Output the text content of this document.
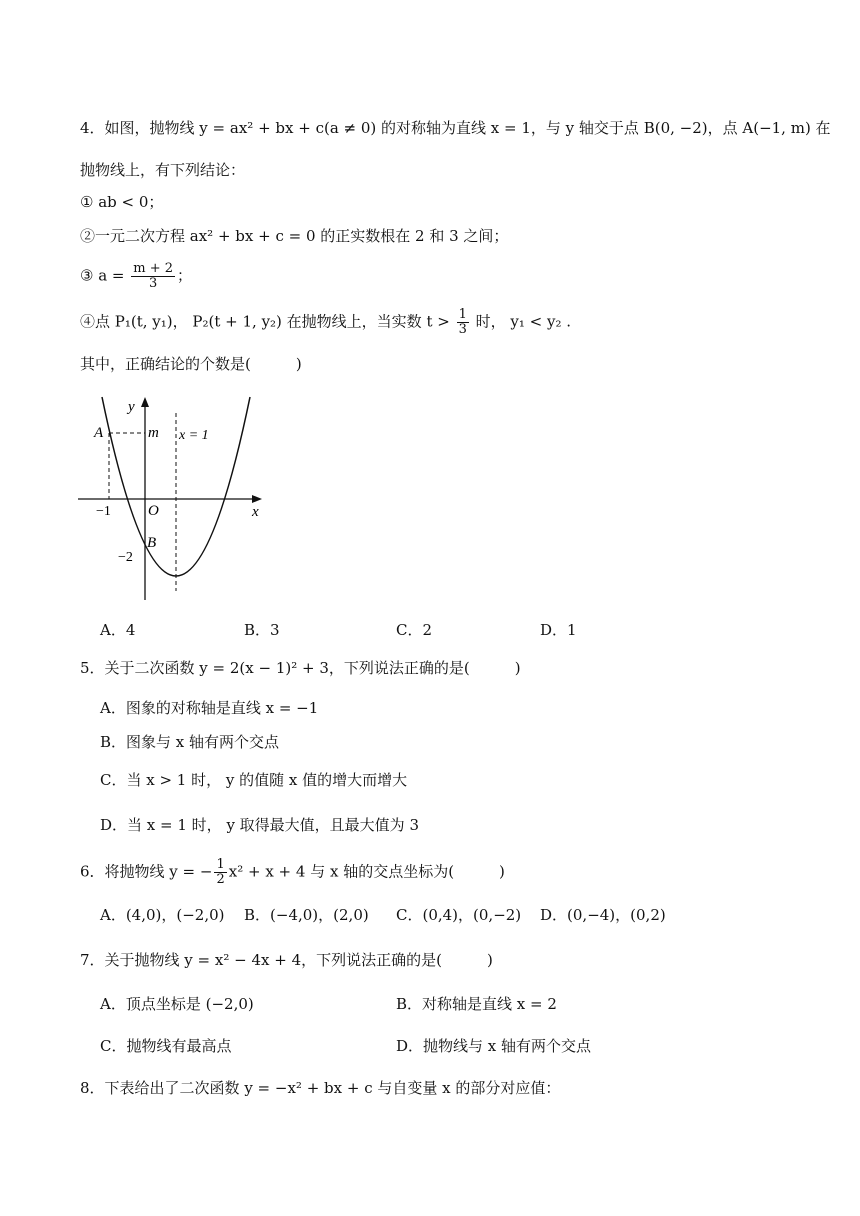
4．如图，抛物线 y = ax² + bx + c(a ≠ 0) 的对称轴为直线 x = 1，与 y 轴交于点 B(0, −2)，点 A(−1, m) 在
抛物线上，有下列结论：
① ab < 0；
②一元二次方程 ax² + bx + c = 0 的正实数根在 2 和 3 之间；
③ $a = \frac{m + 2}{3}$ ；
④点 P₁(t, y₁)， P₂(t + 1, y₂) 在抛物线上，当实数 $t > \frac{1}{3}$ 时， y₁ < y₂ .
其中，正确结论的个数是(　　　)
y
x
O
A	m x = 1
−1
B
−2
A．4	B．3	C．2	D．1
5．关于二次函数 y = 2(x − 1)² + 3，下列说法正确的是(　　　)
A．图象的对称轴是直线 x = −1
B．图象与 x 轴有两个交点
C．当 x > 1 时， y 的值随 x 值的增大而增大
D．当 x = 1 时， y 取得最大值，且最大值为 3
6．将抛物线 y = − $\frac{1}{2} x^2 + x + 4$ 与 x 轴的交点坐标为(　　　)
A．(4,0)，(−2,0) B．(−4,0)，(2,0) C．(0,4)，(0,−2) D．(0,−4)，(0,2)
7．关于抛物线 y = x² − 4x + 4，下列说法正确的是(　　　)
A．顶点坐标是 (−2,0)	B．对称轴是直线 x = 2
C．抛物线有最高点	D．抛物线与 x 轴有两个交点
8．下表给出了二次函数 y = −x² + bx + c 与自变量 x 的部分对应值：
